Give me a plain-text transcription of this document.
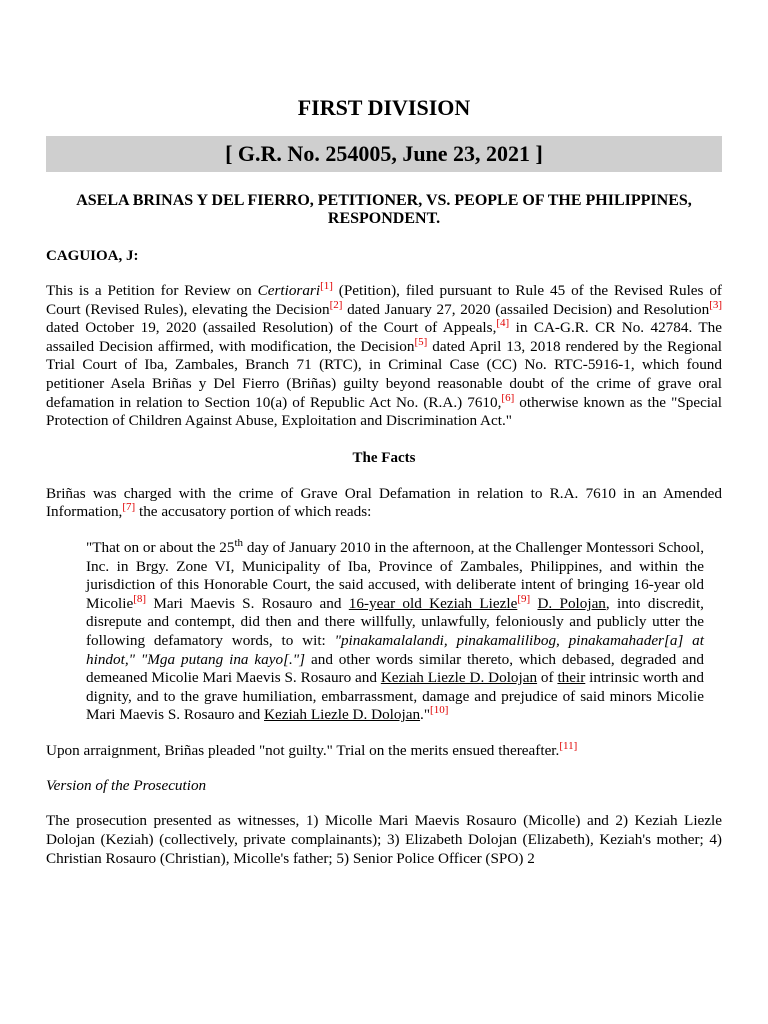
FIRST DIVISION
[ G.R. No. 254005, June 23, 2021 ]
ASELA BRINAS Y DEL FIERRO, PETITIONER, VS. PEOPLE OF THE PHILIPPINES, RESPONDENT.
CAGUIOA, J:

This is a Petition for Review on Certiorari[1] (Petition), filed pursuant to Rule 45 of the Revised Rules of Court (Revised Rules), elevating the Decision[2] dated January 27, 2020 (assailed Decision) and Resolution[3] dated October 19, 2020 (assailed Resolution) of the Court of Appeals,[4] in CA-G.R. CR No. 42784. The assailed Decision affirmed, with modification, the Decision[5] dated April 13, 2018 rendered by the Regional Trial Court of Iba, Zambales, Branch 71 (RTC), in Criminal Case (CC) No. RTC-5916-1, which found petitioner Asela Briñas y Del Fierro (Briñas) guilty beyond reasonable doubt of the crime of grave oral defamation in relation to Section 10(a) of Republic Act No. (R.A.) 7610,[6] otherwise known as the "Special Protection of Children Against Abuse, Exploitation and Discrimination Act."

The Facts

Briñas was charged with the crime of Grave Oral Defamation in relation to R.A. 7610 in an Amended Information,[7] the accusatory portion of which reads:

"That on or about the 25th day of January 2010 in the afternoon, at the Challenger Montessori School, Inc. in Brgy. Zone VI, Municipality of Iba, Province of Zambales, Philippines, and within the jurisdiction of this Honorable Court, the said accused, with deliberate intent of bringing 16-year old Micolie[8] Mari Maevis S. Rosauro and 16-year old Keziah Liezle[9] D. Polojan, into discredit, disrepute and contempt, did then and there willfully, unlawfully, feloniously and publicly utter the following defamatory words, to wit: "pinakamalalandi, pinakamalilibog, pinakamahader[a] at hindot," "Mga putang ina kayo[."] and other words similar thereto, which debased, degraded and demeaned Micolie Mari Maevis S. Rosauro and Keziah Liezle D. Dolojan of their intrinsic worth and dignity, and to the grave humiliation, embarrassment, damage and prejudice of said minors Micolie Mari Maevis S. Rosauro and Keziah Liezle D. Dolojan."[10]

Upon arraignment, Briñas pleaded "not guilty." Trial on the merits ensued thereafter.[11]

Version of the Prosecution

The prosecution presented as witnesses, 1) Micolle Mari Maevis Rosauro (Micolle) and 2) Keziah Liezle Dolojan (Keziah) (collectively, private complainants); 3) Elizabeth Dolojan (Elizabeth), Keziah's mother; 4) Christian Rosauro (Christian), Micolle's father; 5) Senior Police Officer (SPO) 2
